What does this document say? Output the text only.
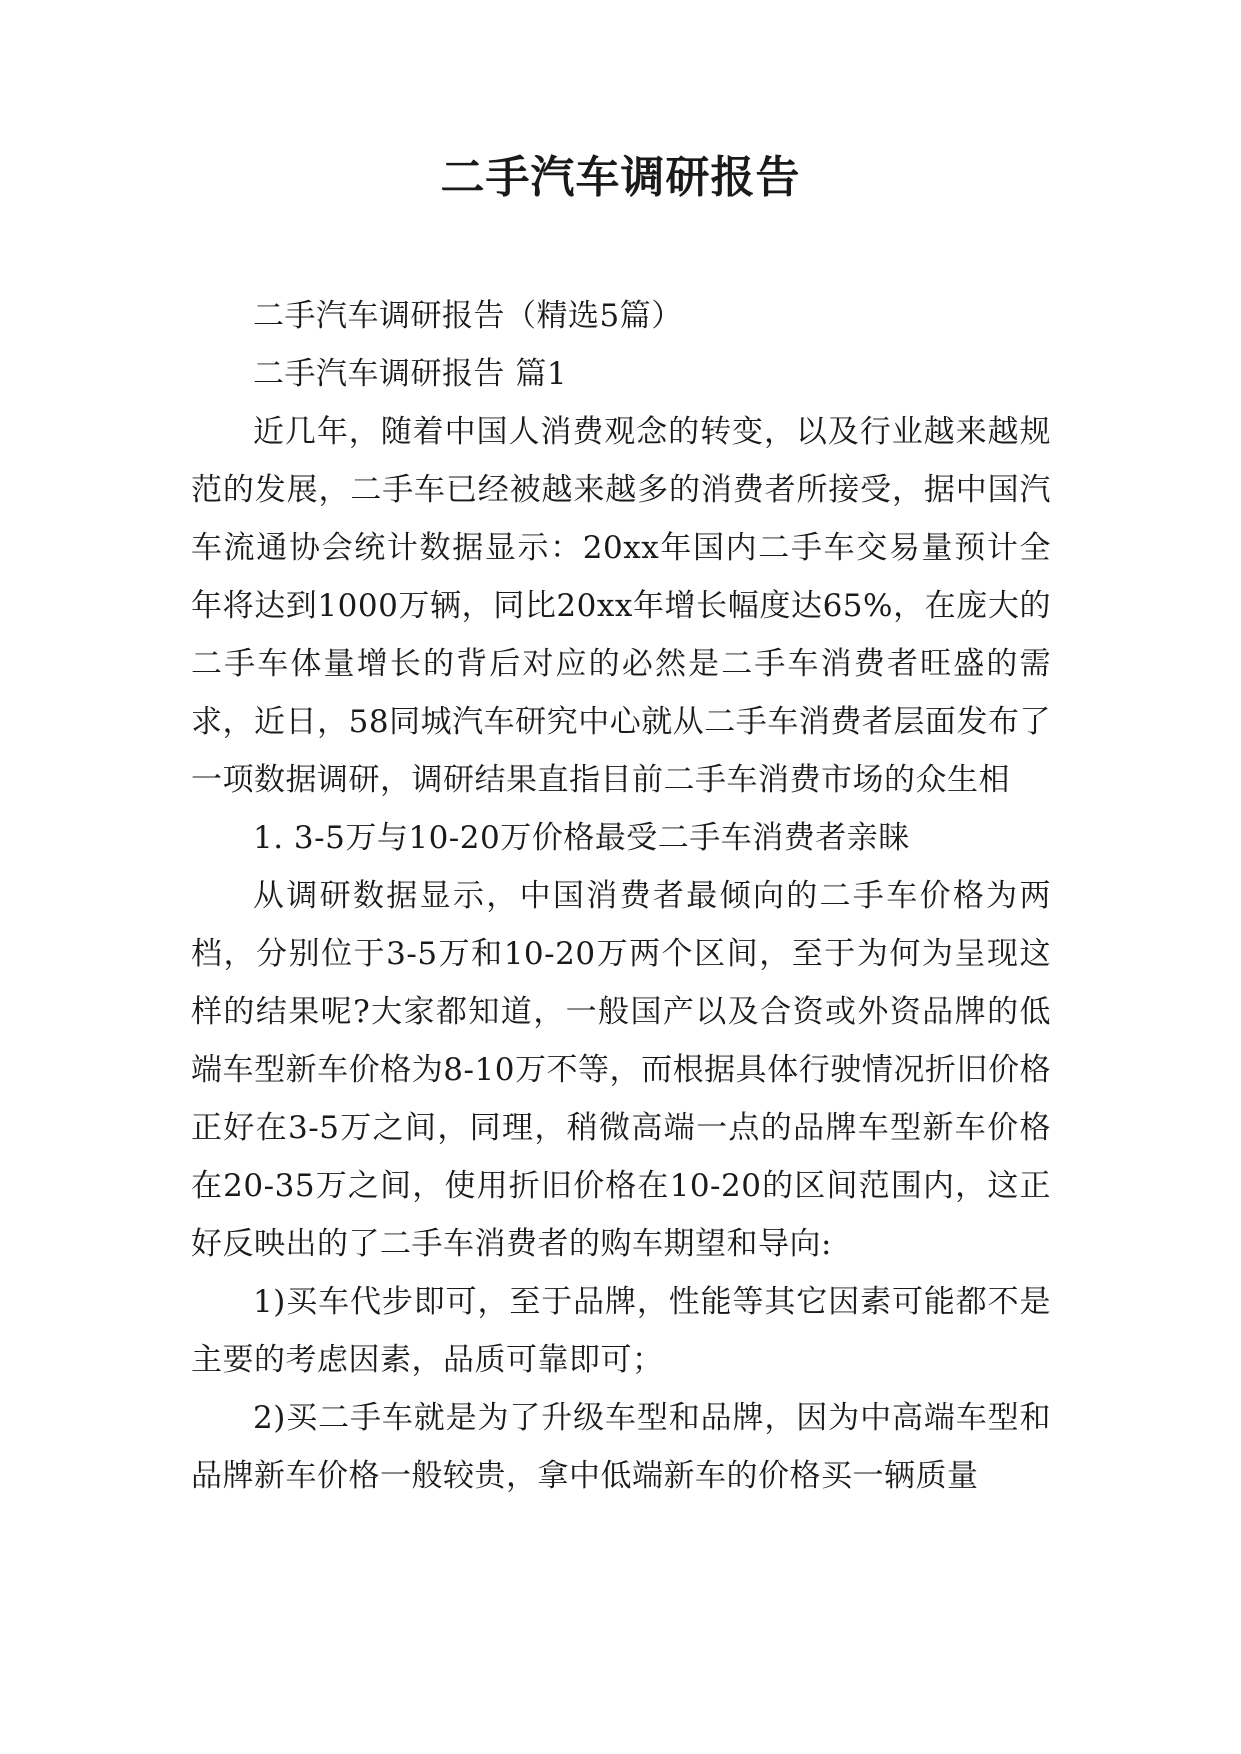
二手汽车调研报告

二手汽车调研报告（精选5篇）

二手汽车调研报告 篇1

近几年，随着中国人消费观念的转变，以及行业越来越规范的发展，二手车已经被越来越多的消费者所接受，据中国汽车流通协会统计数据显示：20xx年国内二手车交易量预计全年将达到1000万辆，同比20xx年增长幅度达65%，在庞大的二手车体量增长的背后对应的必然是二手车消费者旺盛的需求，近日，58同城汽车研究中心就从二手车消费者层面发布了一项数据调研，调研结果直指目前二手车消费市场的众生相

1. 3-5万与10-20万价格最受二手车消费者亲睐

从调研数据显示，中国消费者最倾向的二手车价格为两档，分别位于3-5万和10-20万两个区间，至于为何为呈现这样的结果呢?大家都知道，一般国产以及合资或外资品牌的低端车型新车价格为8-10万不等，而根据具体行驶情况折旧价格正好在3-5万之间，同理，稍微高端一点的品牌车型新车价格在20-35万之间，使用折旧价格在10-20的区间范围内，这正好反映出的了二手车消费者的购车期望和导向:

1)买车代步即可，至于品牌，性能等其它因素可能都不是主要的考虑因素，品质可靠即可；

2)买二手车就是为了升级车型和品牌，因为中高端车型和品牌新车价格一般较贵，拿中低端新车的价格买一辆质量
